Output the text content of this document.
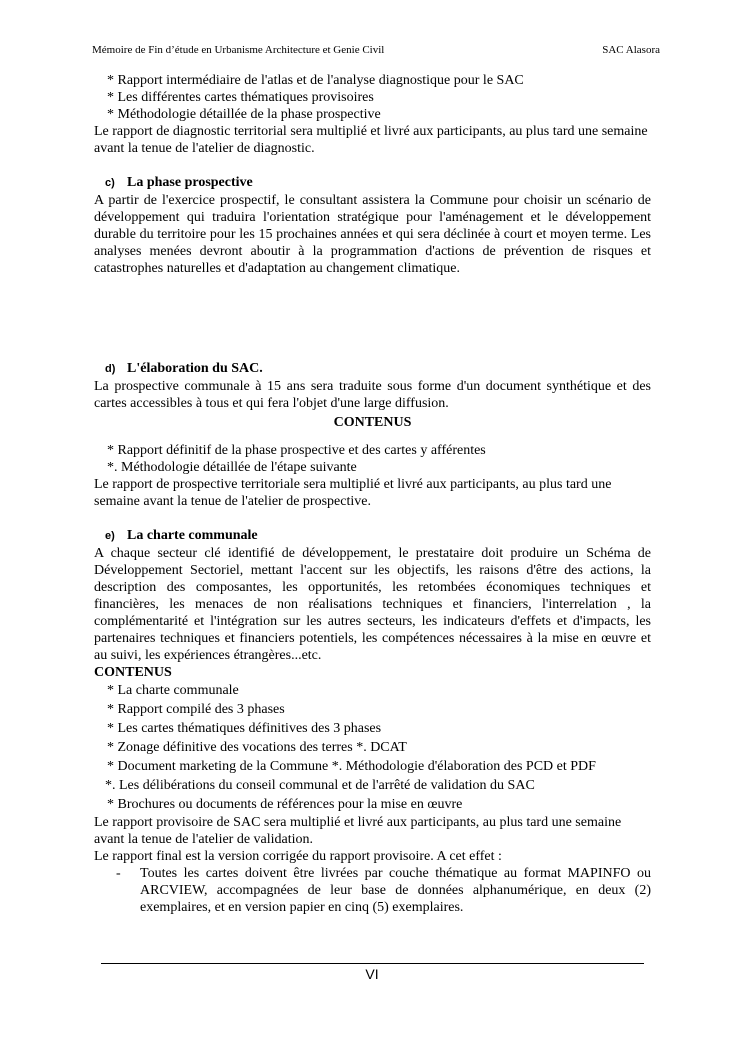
Mémoire de Fin d’étude en Urbanisme Architecture et Genie Civil	SAC Alasora

* Rapport intermédiaire de l'atlas et de l'analyse diagnostique pour le SAC

* Les différentes cartes thématiques provisoires

* Méthodologie détaillée de la phase prospective

Le rapport de diagnostic territorial sera multiplié et livré aux participants, au plus tard une semaine avant la tenue de l'atelier de diagnostic.

c) La phase prospective

A partir de l'exercice prospectif, le consultant assistera la Commune pour choisir un scénario de développement qui traduira l'orientation stratégique pour l'aménagement et le développement durable du territoire pour les 15 prochaines années et qui sera déclinée à court et moyen terme. Les analyses menées devront aboutir à la programmation d'actions de prévention de risques et catastrophes naturelles et d'adaptation au changement climatique.

d) L'élaboration du SAC.

La prospective communale à 15 ans sera traduite sous forme d'un document synthétique et des cartes accessibles à tous et qui fera l'objet d'une large diffusion.

CONTENUS

* Rapport définitif de la phase prospective et des cartes y afférentes

*. Méthodologie détaillée de l'étape suivante

Le rapport de prospective territoriale sera multiplié et livré aux participants, au plus tard une semaine avant la tenue de l'atelier de prospective.

e) La charte communale

A chaque secteur clé identifié de développement, le prestataire doit produire un Schéma de Développement Sectoriel, mettant l'accent sur les objectifs, les raisons d'être des actions, la description des composantes, les opportunités, les retombées économiques techniques et financières, les menaces de non réalisations techniques et financiers, l'interrelation , la complémentarité et l'intégration sur les autres secteurs, les indicateurs d'effets et d'impacts, les partenaires techniques et financiers potentiels, les compétences nécessaires à la mise en œuvre et au suivi, les expériences étrangères...etc.

CONTENUS

* La charte communale

* Rapport compilé des 3 phases

* Les cartes thématiques définitives des 3 phases

* Zonage définitive des vocations des terres *. DCAT

* Document marketing de la Commune *. Méthodologie d'élaboration des PCD et PDF

*. Les délibérations du conseil communal et de l'arrêté de validation du SAC

* Brochures ou documents de références pour la mise en œuvre

Le rapport provisoire de SAC sera multiplié et livré aux participants, au plus tard une semaine avant la tenue de l'atelier de validation.

Le rapport final est la version corrigée du rapport provisoire. A cet effet :

-	Toutes les cartes doivent être livrées par couche thématique au format MAPINFO ou ARCVIEW, accompagnées de leur base de données alphanumérique, en deux (2) exemplaires, et en version papier en cinq (5) exemplaires.
VI
